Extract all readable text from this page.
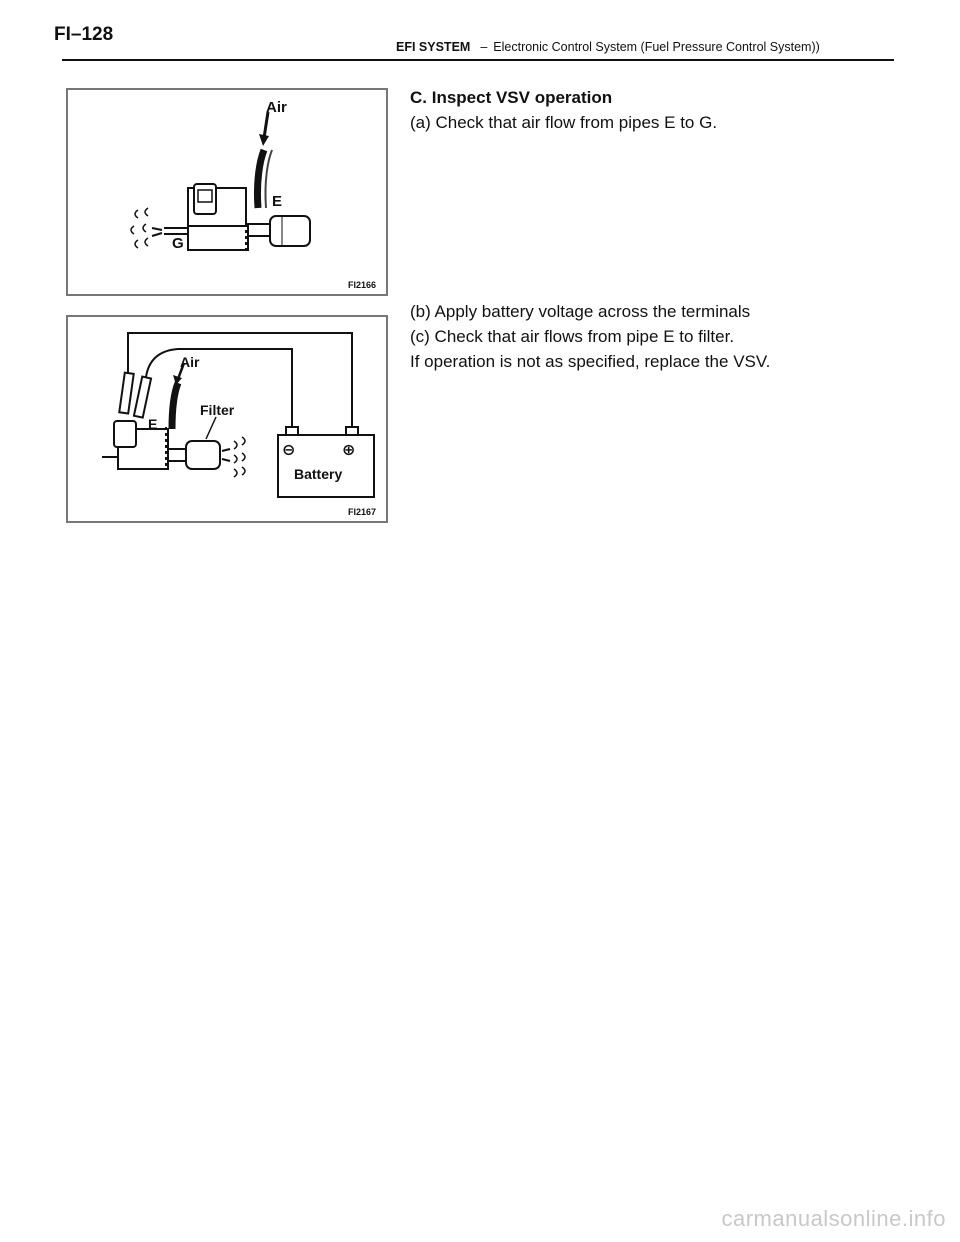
FI–128
EFI SYSTEM – Electronic Control System (Fuel Pressure Control System))
Air
E
G
FI2166
⊖	⊕
Battery
Air
E
Filter
FI2167
C. Inspect VSV operation
(a) Check that air flow from pipes E to G.
(b) Apply battery voltage across the terminals
(c) Check that air flows from pipe E to filter.
If operation is not as specified, replace the VSV.
carmanualsonline.info
